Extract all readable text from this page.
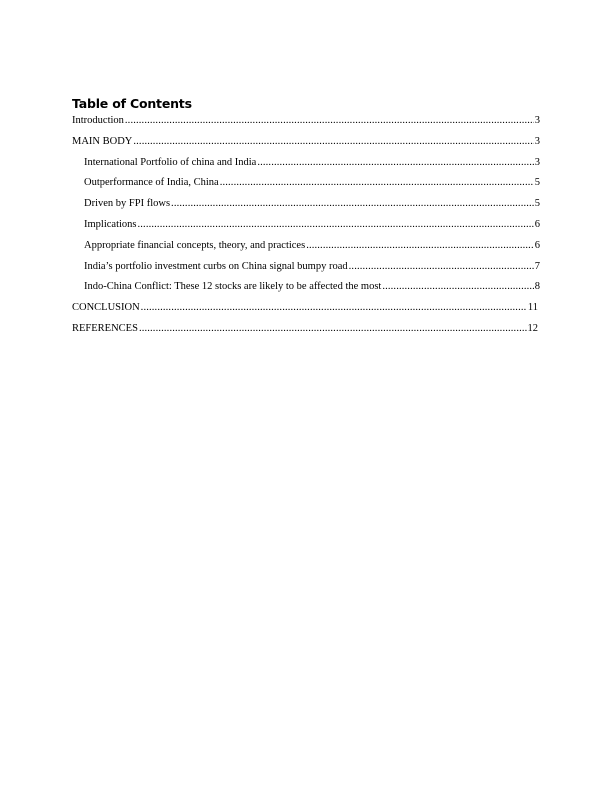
Table of Contents
Introduction .....	3
MAIN BODY .....	3
International Portfolio of china and India .....	3
Outperformance of India, China .....	5
Driven by FPI flows .....	5
Implications .....	6
Appropriate financial concepts, theory, and practices .....	6
India’s portfolio investment curbs on China signal bumpy road .....	7
Indo-China Conflict: These 12 stocks are likely to be affected the most .....	8
CONCLUSION .....	11
REFERENCES .....	12
